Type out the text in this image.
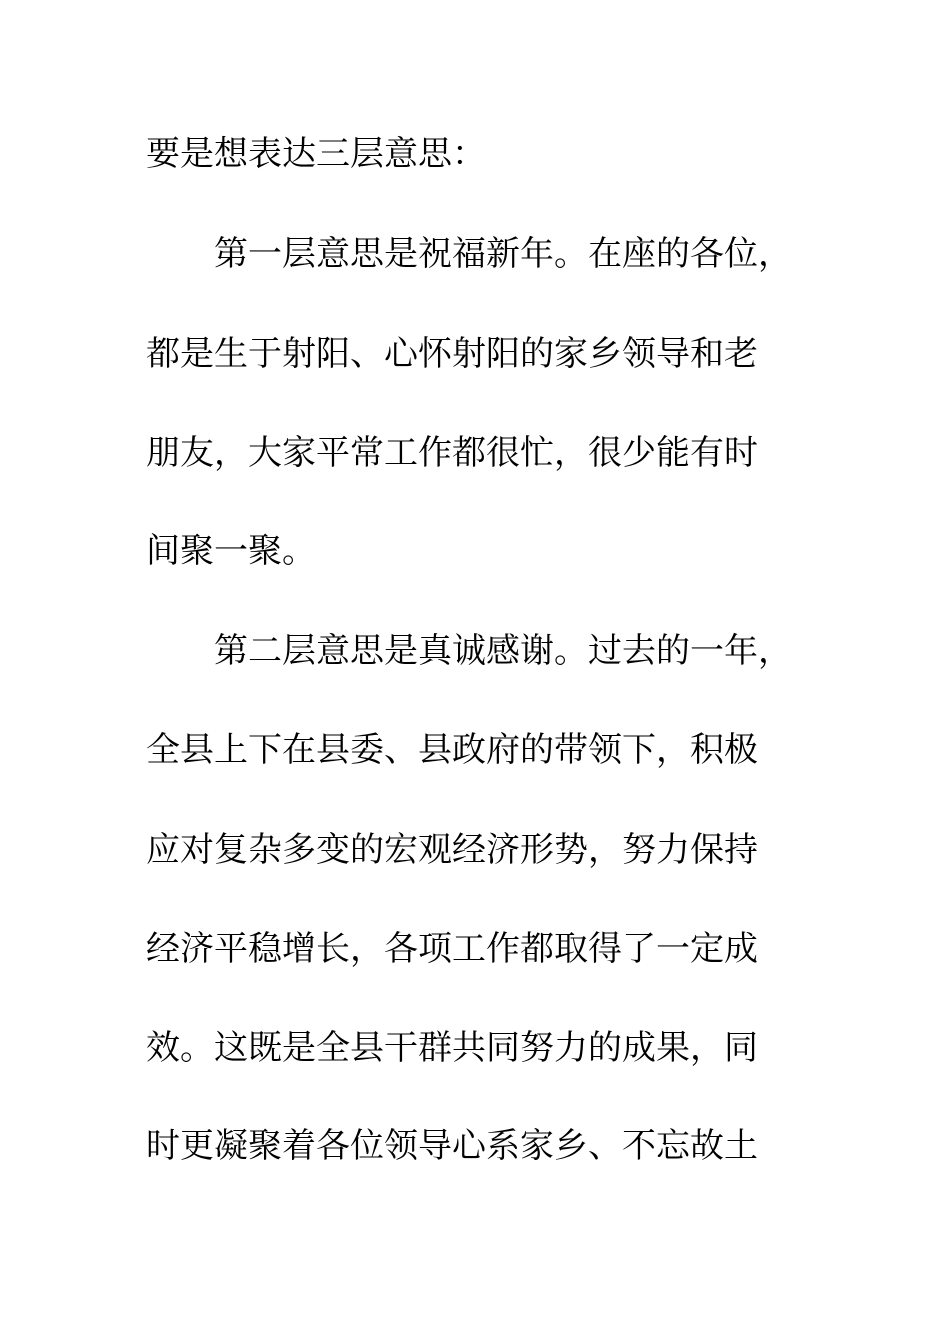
要是想表达三层意思：
第一层意思是祝福新年。在座的各位，
都是生于射阳、心怀射阳的家乡领导和老
朋友，大家平常工作都很忙，很少能有时
间聚一聚。
第二层意思是真诚感谢。过去的一年，
全县上下在县委、县政府的带领下，积极
应对复杂多变的宏观经济形势，努力保持
经济平稳增长，各项工作都取得了一定成
效。这既是全县干群共同努力的成果，同
时更凝聚着各位领导心系家乡、不忘故土
